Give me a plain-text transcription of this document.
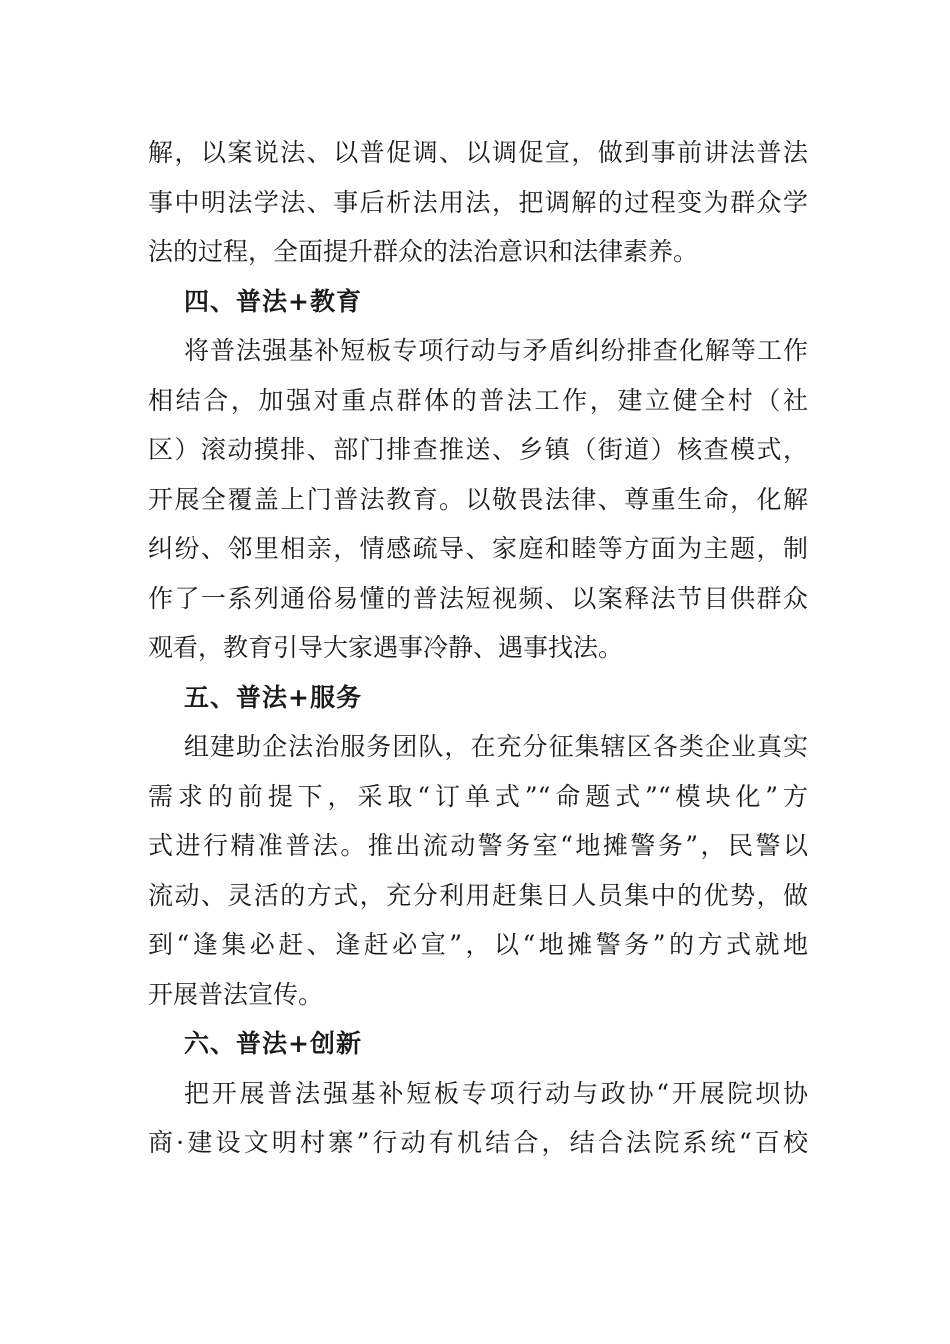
解，以案说法、以普促调、以调促宣，做到事前讲法普法
事中明法学法、事后析法用法，把调解的过程变为群众学
法的过程，全面提升群众的法治意识和法律素养。
四、普法+教育
将普法强基补短板专项行动与矛盾纠纷排查化解等工作
相结合，加强对重点群体的普法工作，建立健全村（社
区）滚动摸排、部门排查推送、乡镇（街道）核查模式，
开展全覆盖上门普法教育。以敬畏法律、尊重生命，化解
纠纷、邻里相亲，情感疏导、家庭和睦等方面为主题，制
作了一系列通俗易懂的普法短视频、以案释法节目供群众
观看，教育引导大家遇事冷静、遇事找法。
五、普法+服务
组建助企法治服务团队，在充分征集辖区各类企业真实
需求的前提下，采取“订单式”“命题式”“模块化”方
式进行精准普法。推出流动警务室“地摊警务”，民警以
流动、灵活的方式，充分利用赶集日人员集中的优势，做
到“逢集必赶、逢赶必宣”，以“地摊警务”的方式就地
开展普法宣传。
六、普法+创新
把开展普法强基补短板专项行动与政协“开展院坝协
商·建设文明村寨”行动有机结合，结合法院系统“百校
